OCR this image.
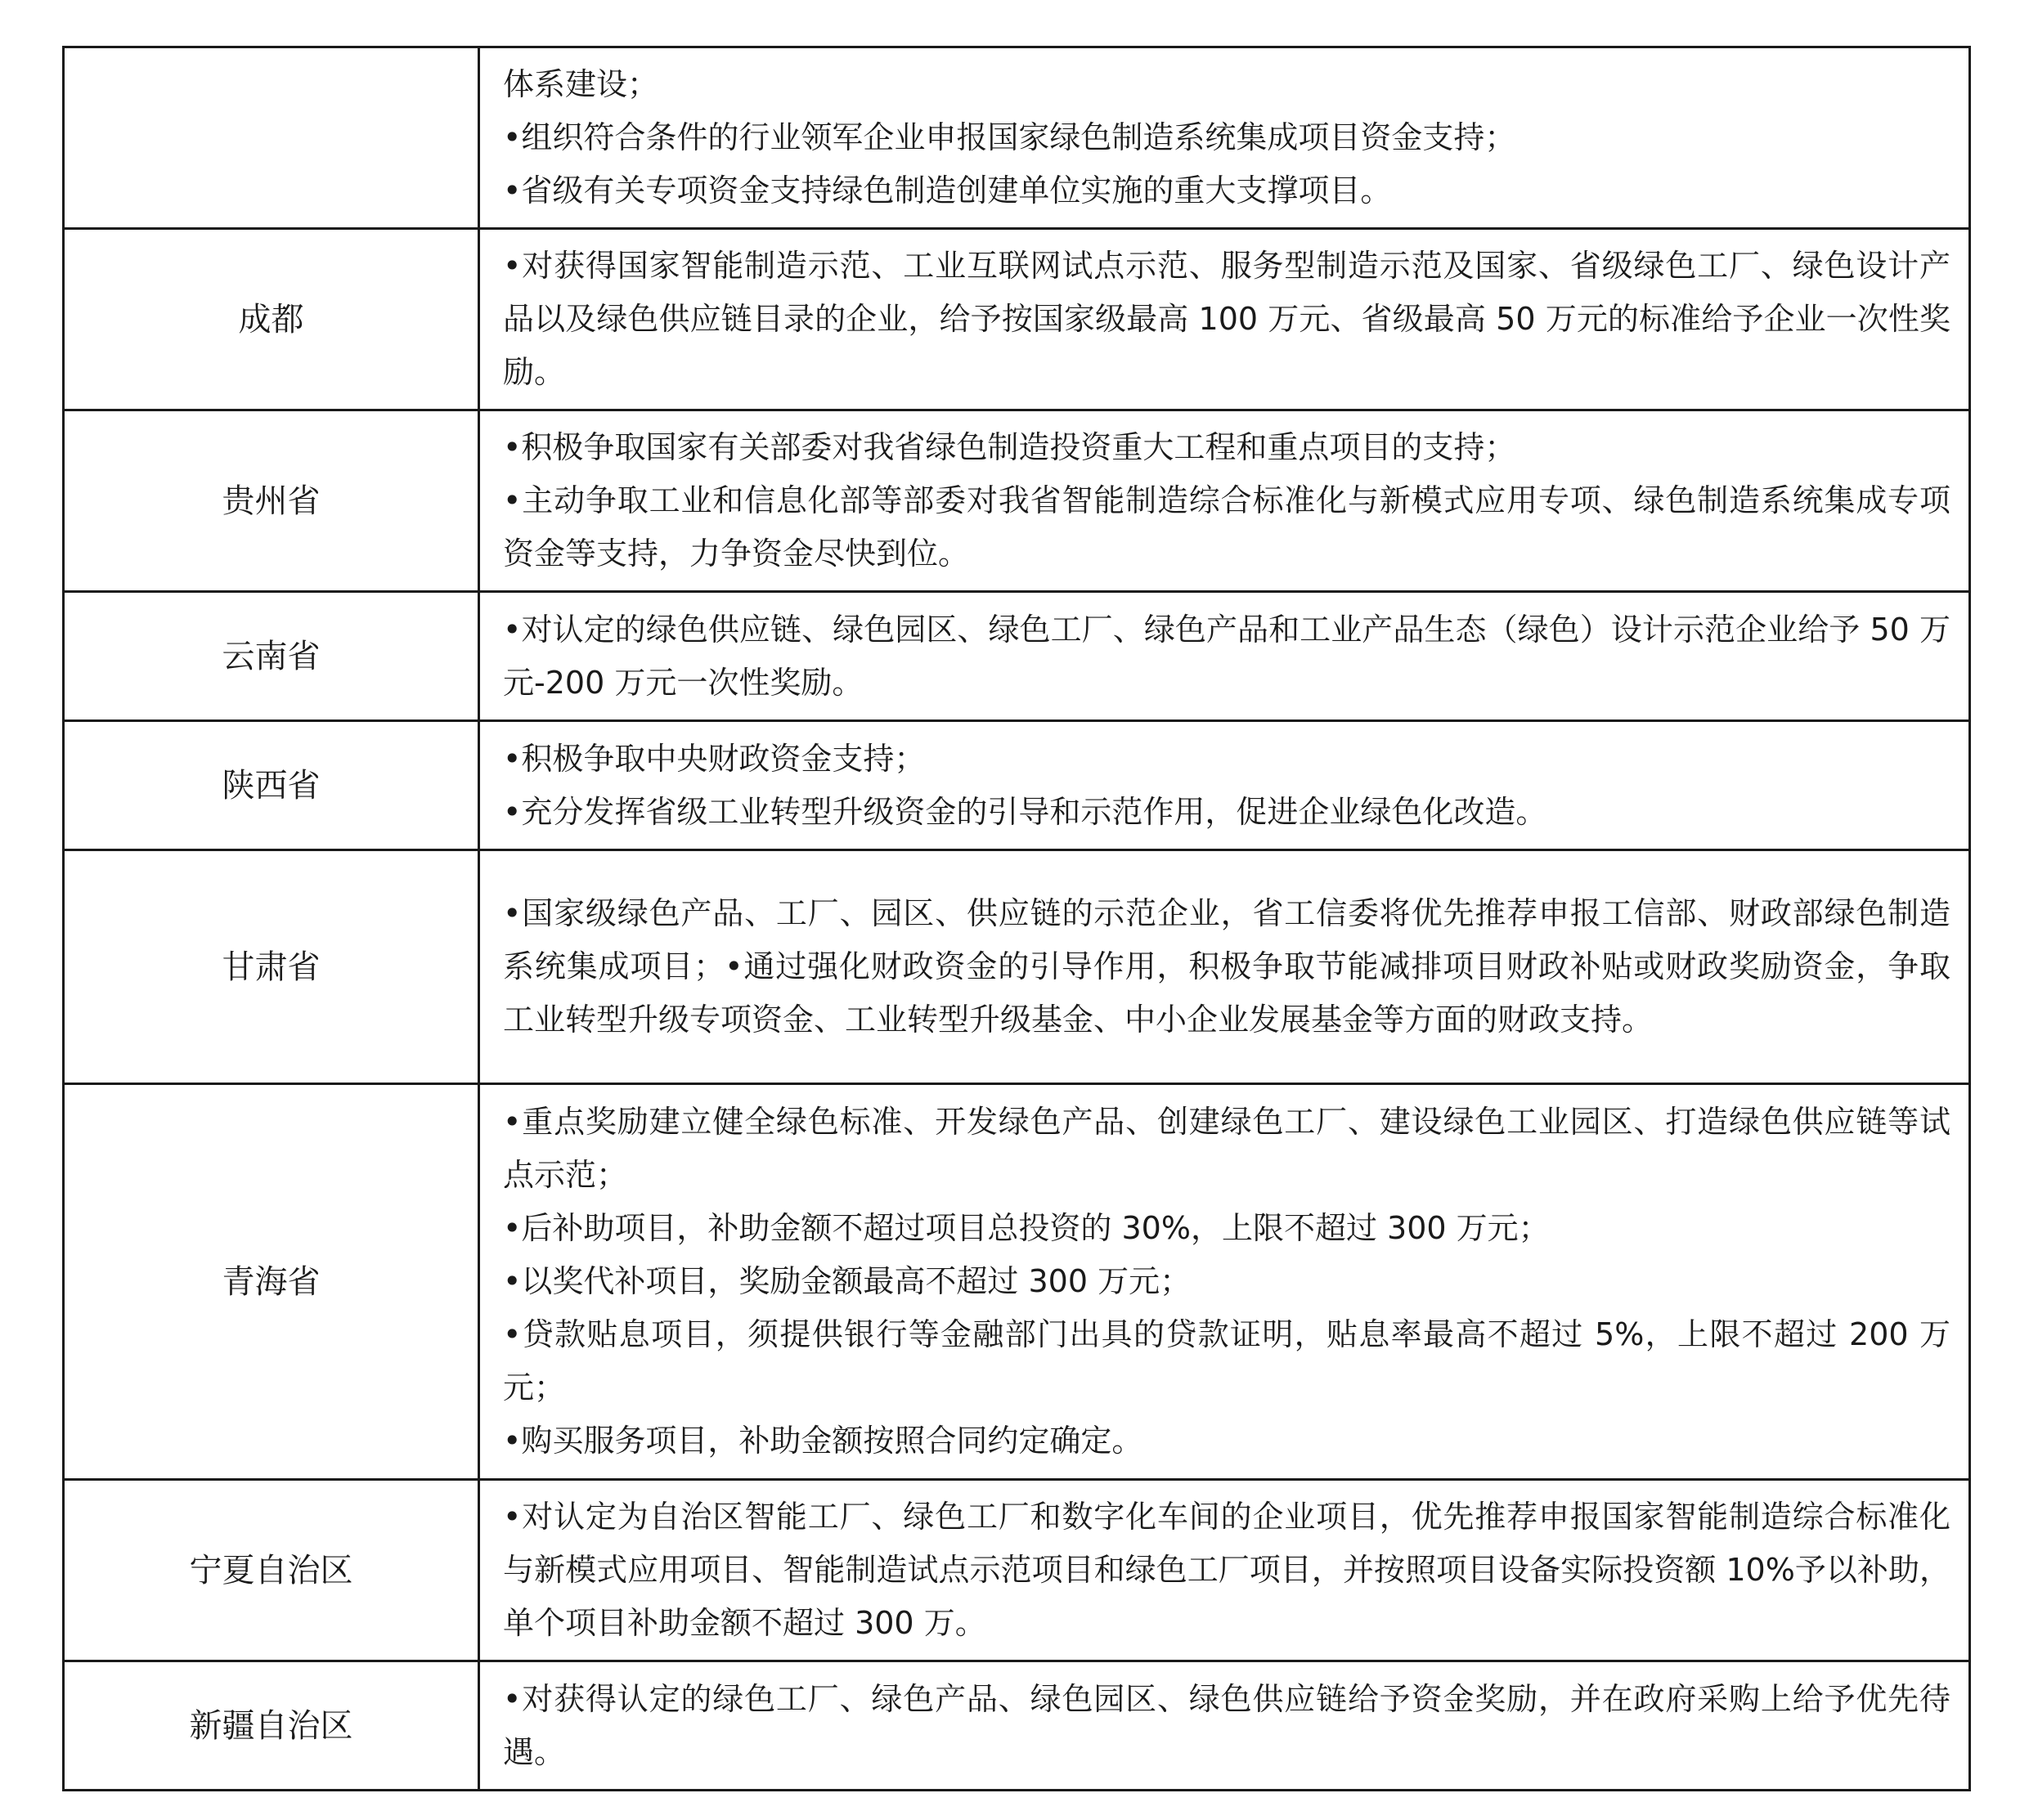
	体系建设；

•组织符合条件的行业领军企业申报国家绿色制造系统集成项目资金支持；

•省级有关专项资金支持绿色制造创建单位实施的重大支撑项目。

成都	•对获得国家智能制造示范、工业互联网试点示范、服务型制造示范及国家、省级绿色工厂、绿色设计产品以及绿色供应链目录的企业，给予按国家级最高 100 万元、省级最高 50 万元的标准给予企业一次性奖励。

贵州省	•积极争取国家有关部委对我省绿色制造投资重大工程和重点项目的支持；

•主动争取工业和信息化部等部委对我省智能制造综合标准化与新模式应用专项、绿色制造系统集成专项资金等支持，力争资金尽快到位。

云南省	•对认定的绿色供应链、绿色园区、绿色工厂、绿色产品和工业产品生态（绿色）设计示范企业给予 50 万元-200 万元一次性奖励。

陕西省	•积极争取中央财政资金支持；

•充分发挥省级工业转型升级资金的引导和示范作用，促进企业绿色化改造。

甘肃省	•国家级绿色产品、工厂、园区、供应链的示范企业，省工信委将优先推荐申报工信部、财政部绿色制造系统集成项目；•通过强化财政资金的引导作用，积极争取节能减排项目财政补贴或财政奖励资金，争取工业转型升级专项资金、工业转型升级基金、中小企业发展基金等方面的财政支持。

青海省	•重点奖励建立健全绿色标准、开发绿色产品、创建绿色工厂、建设绿色工业园区、打造绿色供应链等试点示范；

•后补助项目，补助金额不超过项目总投资的 30%，上限不超过 300 万元；

•以奖代补项目，奖励金额最高不超过 300 万元；

•贷款贴息项目，须提供银行等金融部门出具的贷款证明，贴息率最高不超过 5%，上限不超过 200 万元；

•购买服务项目，补助金额按照合同约定确定。

宁夏自治区	•对认定为自治区智能工厂、绿色工厂和数字化车间的企业项目，优先推荐申报国家智能制造综合标准化与新模式应用项目、智能制造试点示范项目和绿色工厂项目，并按照项目设备实际投资额 10%予以补助，单个项目补助金额不超过 300 万。

新疆自治区	•对获得认定的绿色工厂、绿色产品、绿色园区、绿色供应链给予资金奖励，并在政府采购上给予优先待遇。
